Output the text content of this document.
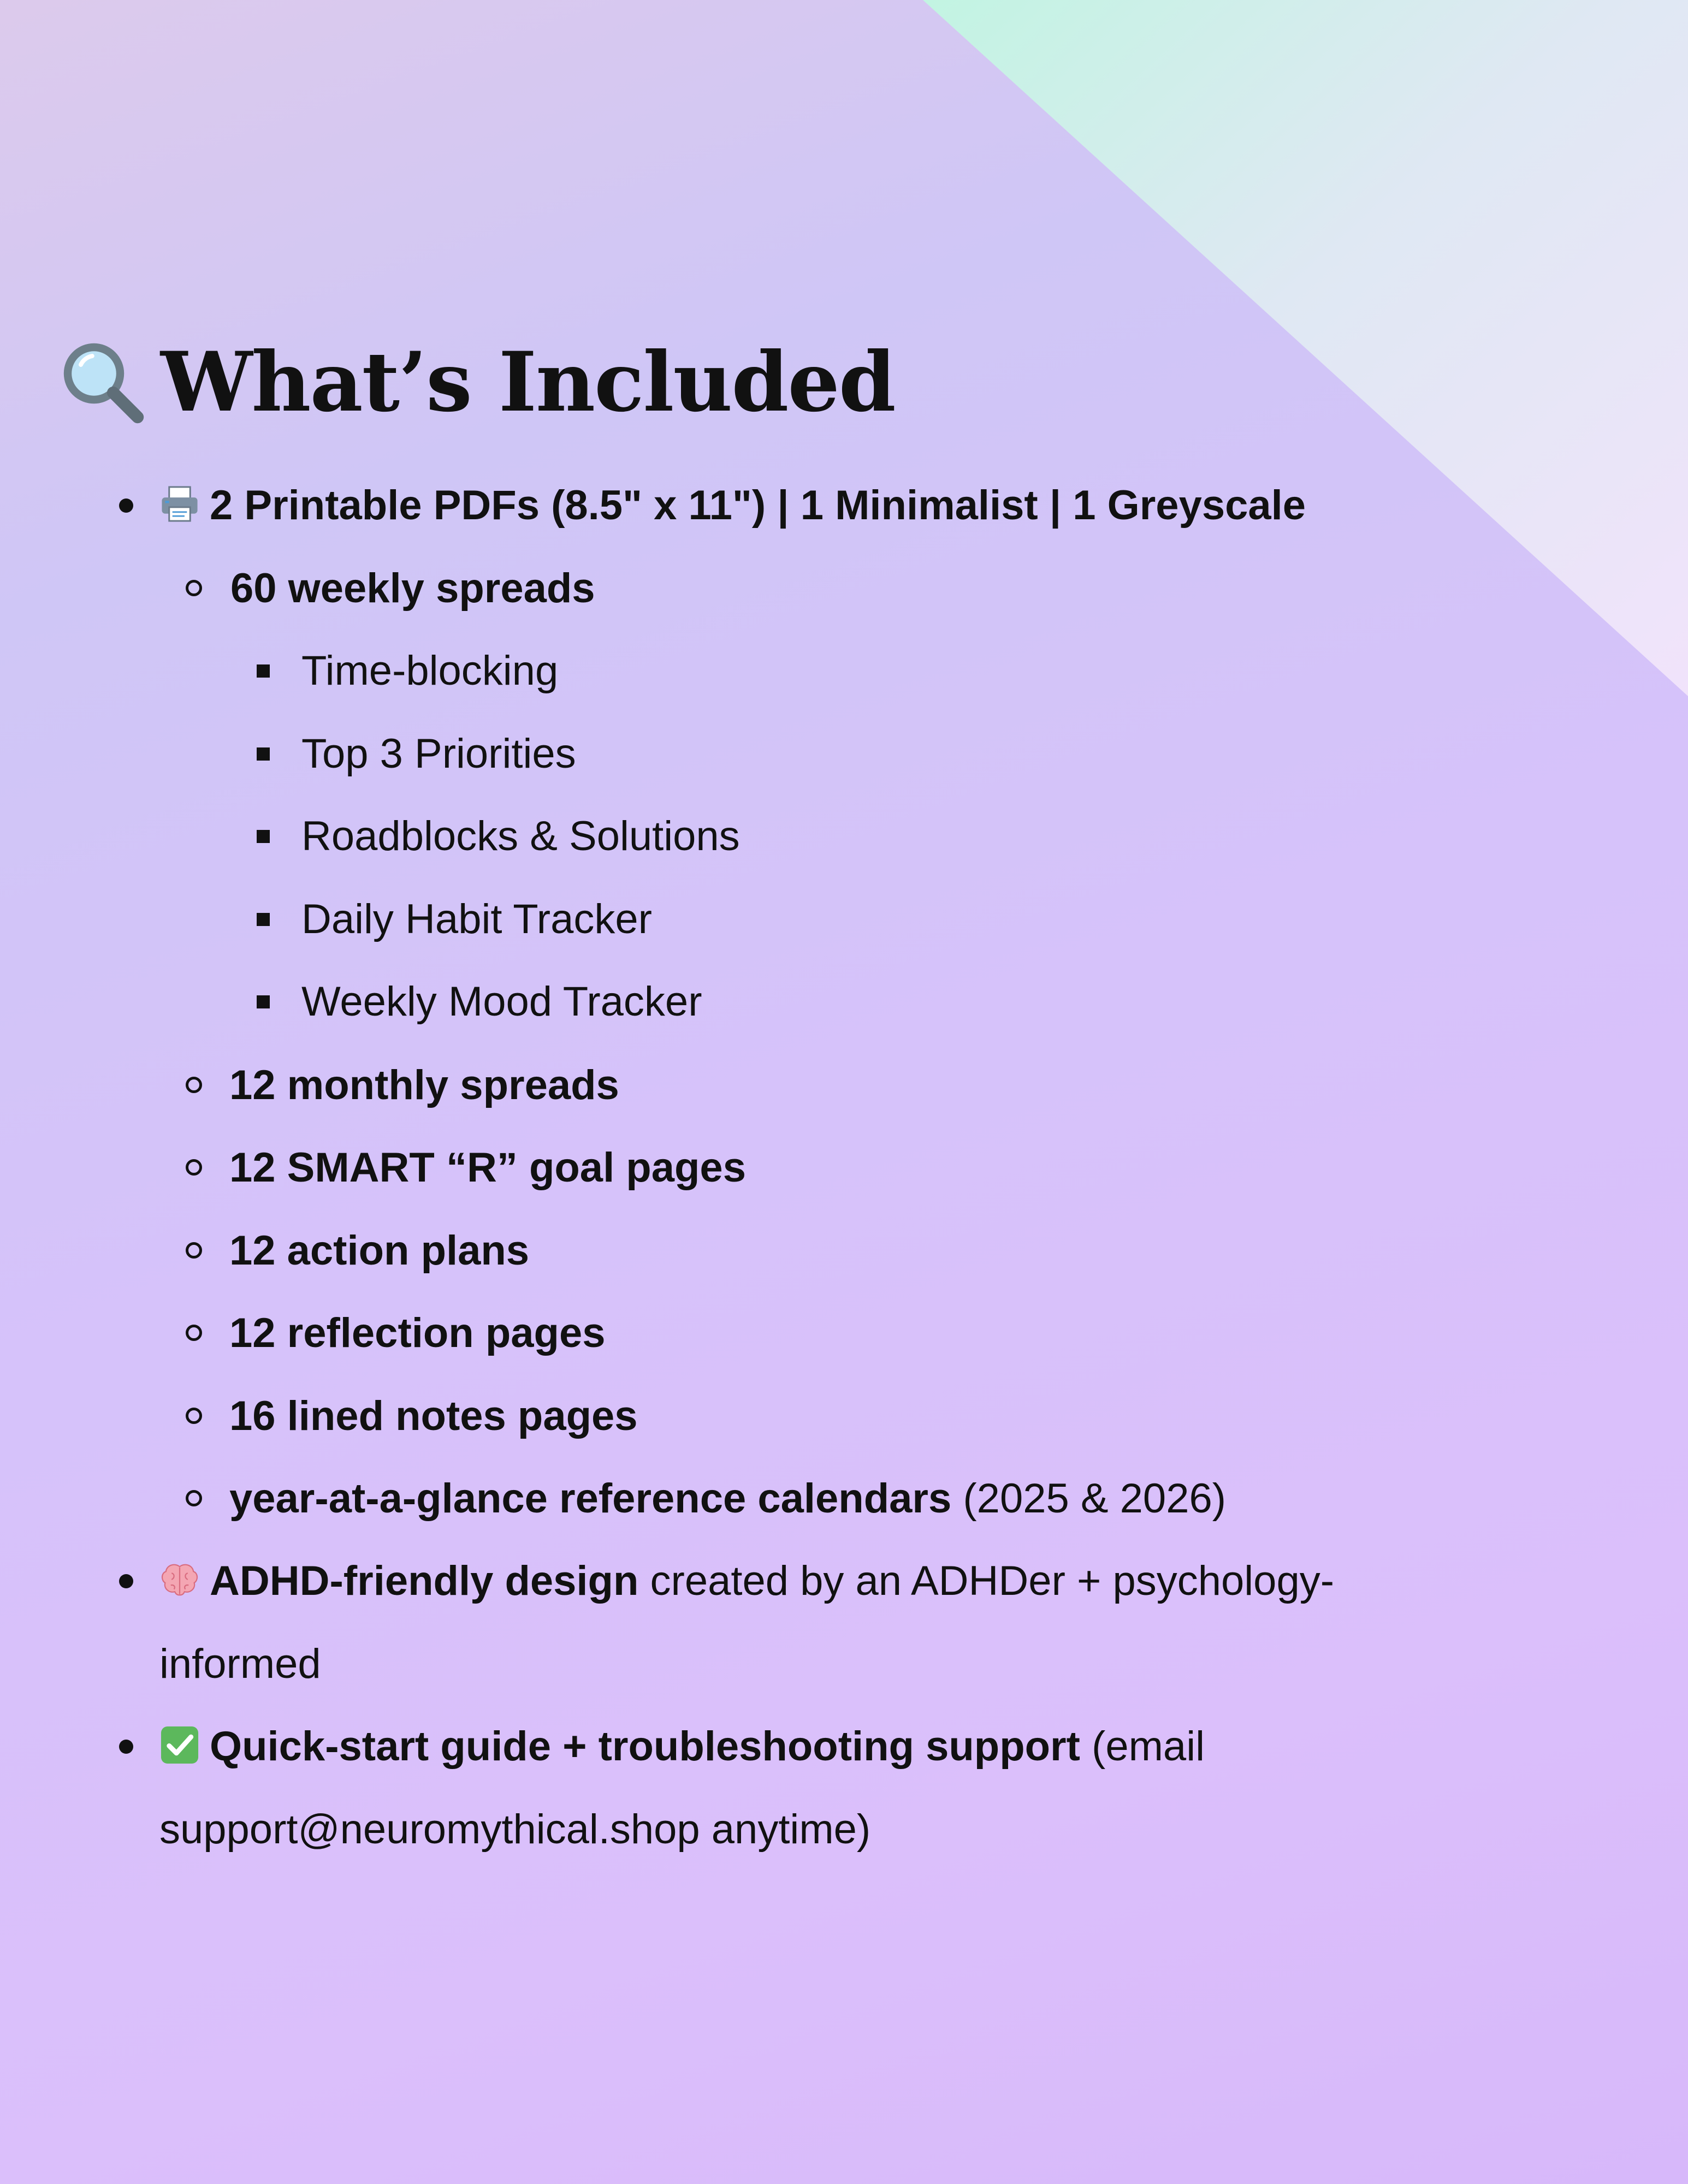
What’s Included
2 Printable PDFs (8.5" x 11") | 1 Minimalist | 1 Greyscale
60 weekly spreads
Time-blocking
Top 3 Priorities
Roadblocks & Solutions
Daily Habit Tracker
Weekly Mood Tracker
12 monthly spreads
12 SMART “R” goal pages
12 action plans
12 reflection pages
16 lined notes pages
year-at-a-glance reference calendars (2025 & 2026)
ADHD-friendly design created by an ADHDer + psychology-
informed
Quick-start guide + troubleshooting support (email
support@neuromythical.shop anytime)
